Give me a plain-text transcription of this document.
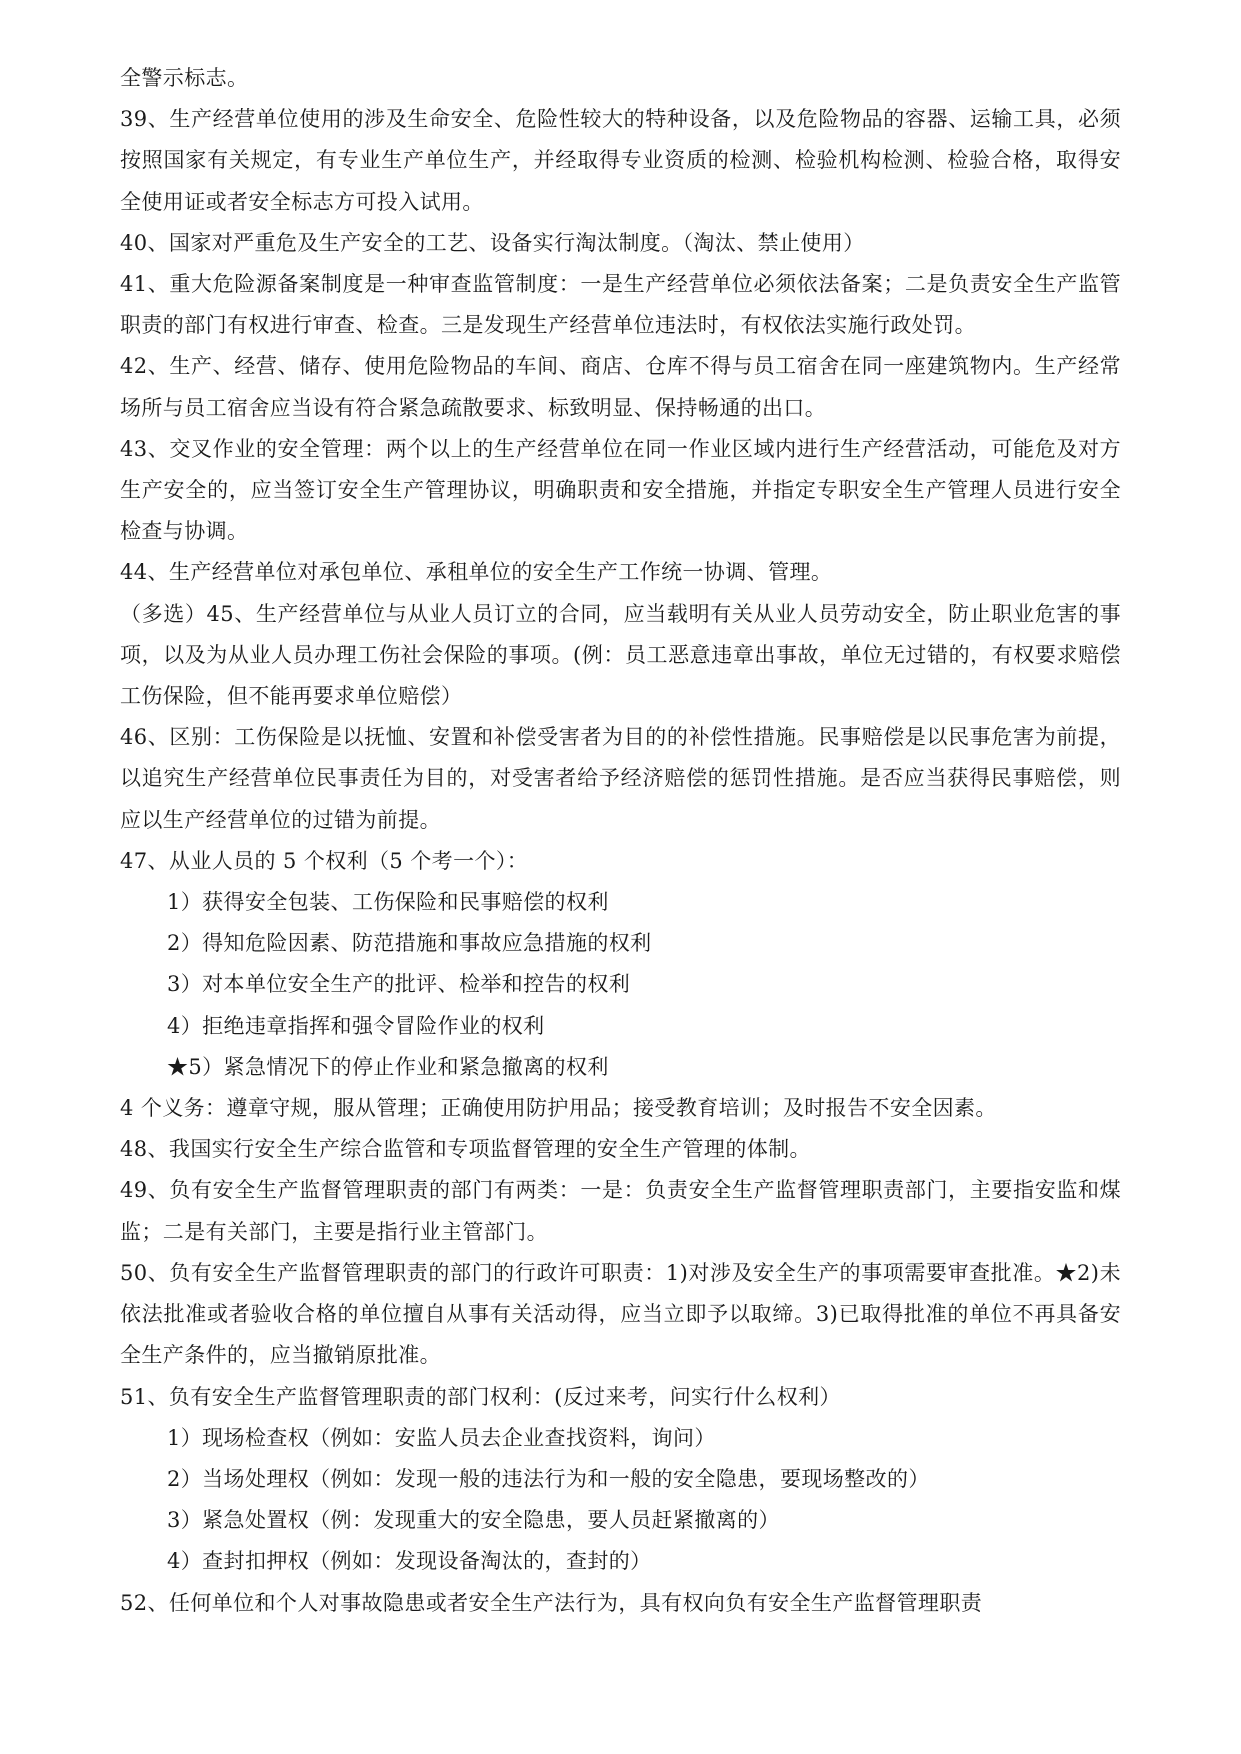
全警示标志。

39、生产经营单位使用的涉及生命安全、危险性较大的特种设备，以及危险物品的容器、运输工具，必须按照国家有关规定，有专业生产单位生产，并经取得专业资质的检测、检验机构检测、检验合格，取得安全使用证或者安全标志方可投入试用。

40、国家对严重危及生产安全的工艺、设备实行淘汰制度。（淘汰、禁止使用）

41、重大危险源备案制度是一种审查监管制度：一是生产经营单位必须依法备案；二是负责安全生产监管职责的部门有权进行审查、检查。三是发现生产经营单位违法时，有权依法实施行政处罚。

42、生产、经营、储存、使用危险物品的车间、商店、仓库不得与员工宿舍在同一座建筑物内。生产经常场所与员工宿舍应当设有符合紧急疏散要求、标致明显、保持畅通的出口。

43、交叉作业的安全管理：两个以上的生产经营单位在同一作业区域内进行生产经营活动，可能危及对方生产安全的，应当签订安全生产管理协议，明确职责和安全措施，并指定专职安全生产管理人员进行安全检查与协调。

44、生产经营单位对承包单位、承租单位的安全生产工作统一协调、管理。

（多选）45、生产经营单位与从业人员订立的合同，应当载明有关从业人员劳动安全，防止职业危害的事项，以及为从业人员办理工伤社会保险的事项。(例：员工恶意违章出事故，单位无过错的，有权要求赔偿工伤保险，但不能再要求单位赔偿）

46、区别：工伤保险是以抚恤、安置和补偿受害者为目的的补偿性措施。民事赔偿是以民事危害为前提，以追究生产经营单位民事责任为目的，对受害者给予经济赔偿的惩罚性措施。是否应当获得民事赔偿，则应以生产经营单位的过错为前提。

47、从业人员的 5 个权利（5 个考一个）：

1）获得安全包装、工伤保险和民事赔偿的权利

2）得知危险因素、防范措施和事故应急措施的权利

3）对本单位安全生产的批评、检举和控告的权利

4）拒绝违章指挥和强令冒险作业的权利

★5）紧急情况下的停止作业和紧急撤离的权利

4 个义务：遵章守规，服从管理；正确使用防护用品；接受教育培训；及时报告不安全因素。

48、我国实行安全生产综合监管和专项监督管理的安全生产管理的体制。

49、负有安全生产监督管理职责的部门有两类：一是：负责安全生产监督管理职责部门，主要指安监和煤监；二是有关部门，主要是指行业主管部门。

50、负有安全生产监督管理职责的部门的行政许可职责：1)对涉及安全生产的事项需要审查批准。★2)未依法批准或者验收合格的单位擅自从事有关活动得，应当立即予以取缔。3)已取得批准的单位不再具备安全生产条件的，应当撤销原批准。

51、负有安全生产监督管理职责的部门权利：(反过来考，问实行什么权利）

1）现场检查权（例如：安监人员去企业查找资料，询问）

2）当场处理权（例如：发现一般的违法行为和一般的安全隐患，要现场整改的）

3）紧急处置权（例：发现重大的安全隐患，要人员赶紧撤离的）

4）查封扣押权（例如：发现设备淘汰的，查封的）

52、任何单位和个人对事故隐患或者安全生产法行为，具有权向负有安全生产监督管理职责
